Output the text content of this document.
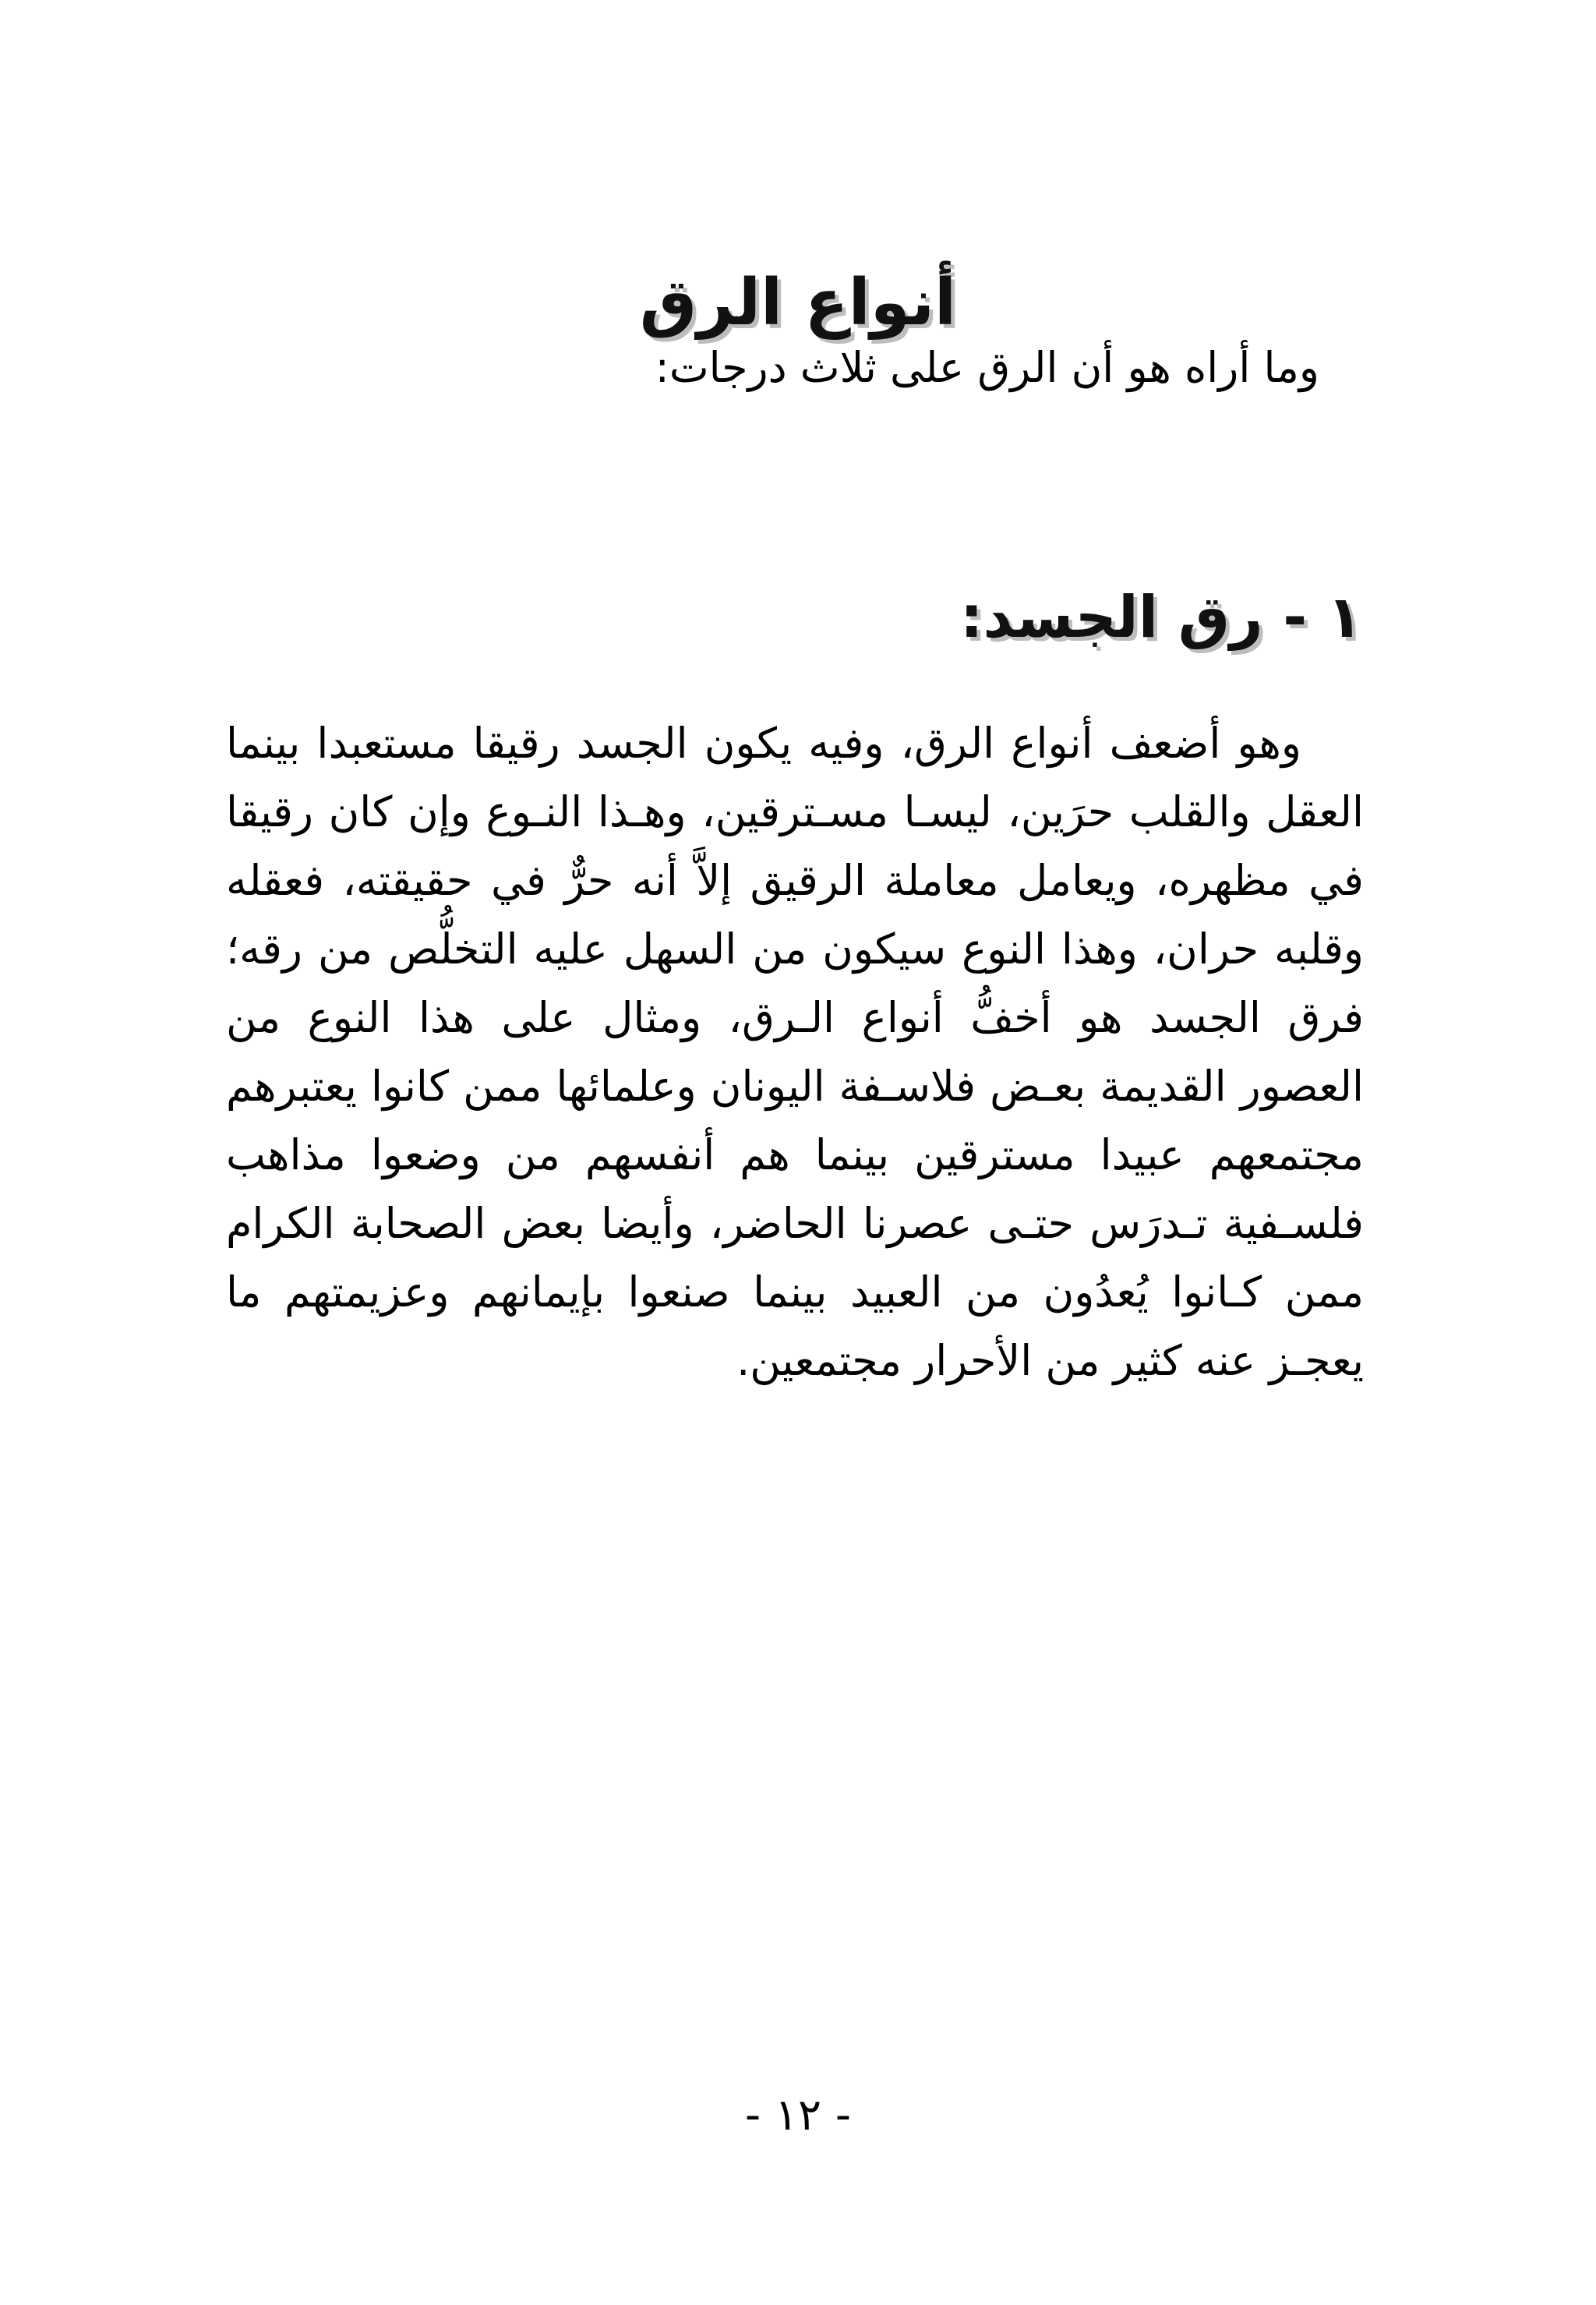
أنواع الرق
وما أراه هو أن الرق على ثلاث درجات:
١ - رق الجسد:

وهو أضعف أنواع الرق، وفيه يكون الجسد رقيقا مستعبدا بينما العقل والقلب حرَين، ليسـا مسـترقين، وهـذا النـوع وإن كان رقيقا في مظهره، ويعامل معاملة الرقيق إلاَّ أنه حرٌّ في حقيقته، فعقله وقلبه حران، وهذا النوع سيكون من السهل عليه التخلُّص من رقه؛ فرق الجسد هو أخفُّ أنواع الـرق، ومثال على هذا النوع من العصور القديمة بعـض فلاسـفة اليونان وعلمائها ممن كانوا يعتبرهم مجتمعهم عبيدا مسترقين بينما هم أنفسهم من وضعوا مذاهب فلسـفية تـدرَس حتـى عصرنا الحاضر، وأيضا بعض الصحابة الكرام ممن كـانوا يُعدُون من العبيد بينما صنعوا بإيمانهم وعزيمتهم ما يعجـز عنه كثير من الأحرار مجتمعين.

- ١٢ -
